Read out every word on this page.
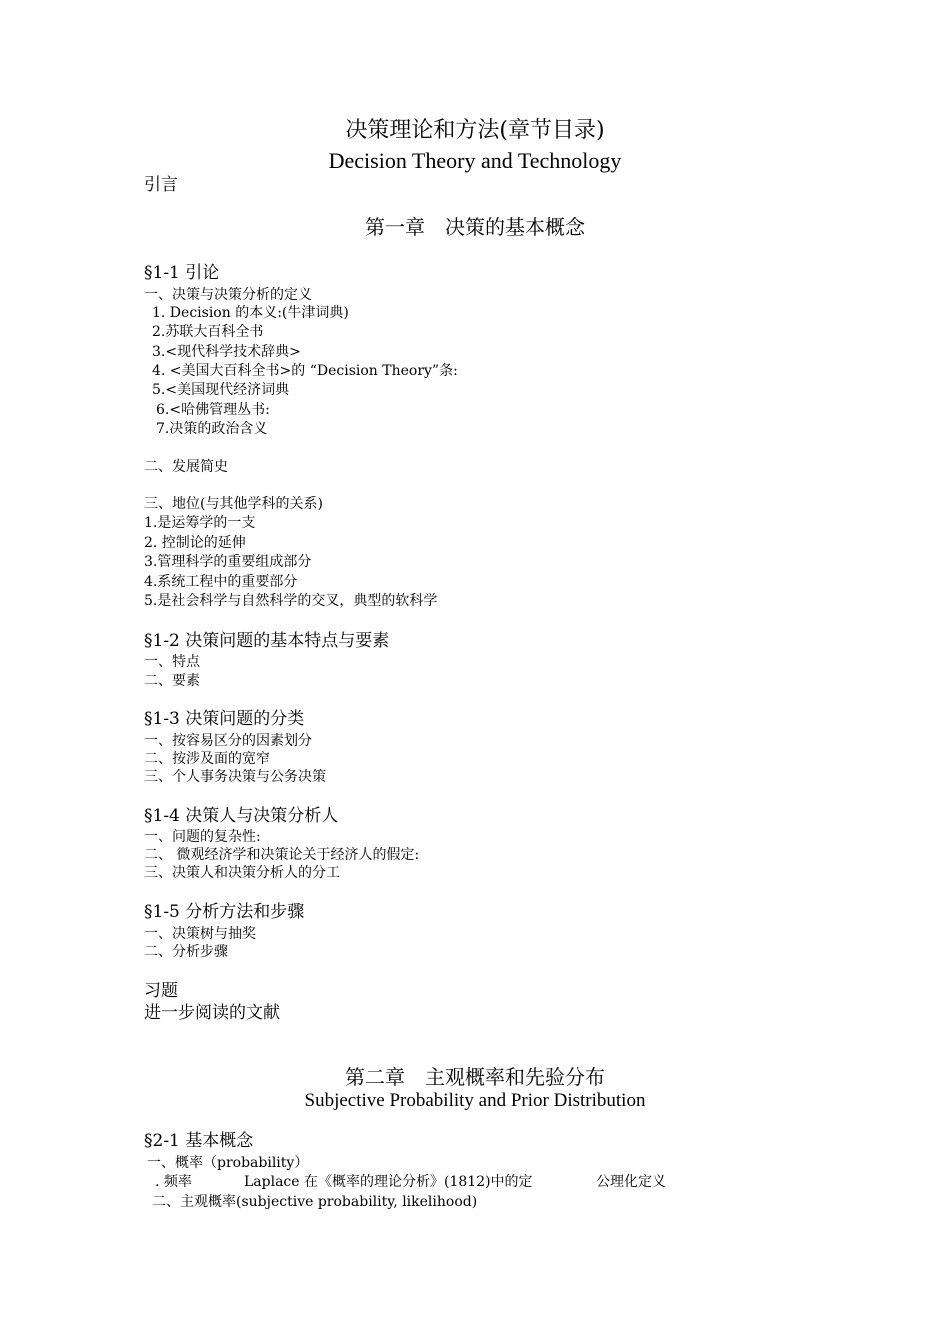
决策理论和方法(章节目录)
Decision Theory and Technology
引言
第一章　决策的基本概念
§1-1 引论
一、决策与决策分析的定义
1. Decision 的本义:(牛津词典)
2.苏联大百科全书
3.<现代科学技术辞典>
4. <美国大百科全书>的 “Decision Theory”条:
5.<美国现代经济词典
6.<哈佛管理丛书:
7.决策的政治含义
二、发展简史
三、地位(与其他学科的关系)
1.是运筹学的一支
2. 控制论的延伸
3.管理科学的重要组成部分
4.系统工程中的重要部分
5.是社会科学与自然科学的交叉，典型的软科学
§1-2 决策问题的基本特点与要素
一、特点
二、要素
§1-3 决策问题的分类
一、按容易区分的因素划分
二、按涉及面的宽窄
三、个人事务决策与公务决策
§1-4 决策人与决策分析人
一、问题的复杂性:
二、 微观经济学和决策论关于经济人的假定:
三、决策人和决策分析人的分工
§1-5 分析方法和步骤
一、决策树与抽奖
二、分析步骤
习题
进一步阅读的文献
第二章　主观概率和先验分布
Subjective Probability and Prior Distribution
§2-1 基本概念
一、概率（probability）
. 频率	Laplace 在《概率的理论分析》(1812)中的定	公理化定义
二、主观概率(subjective probability, likelihood)
